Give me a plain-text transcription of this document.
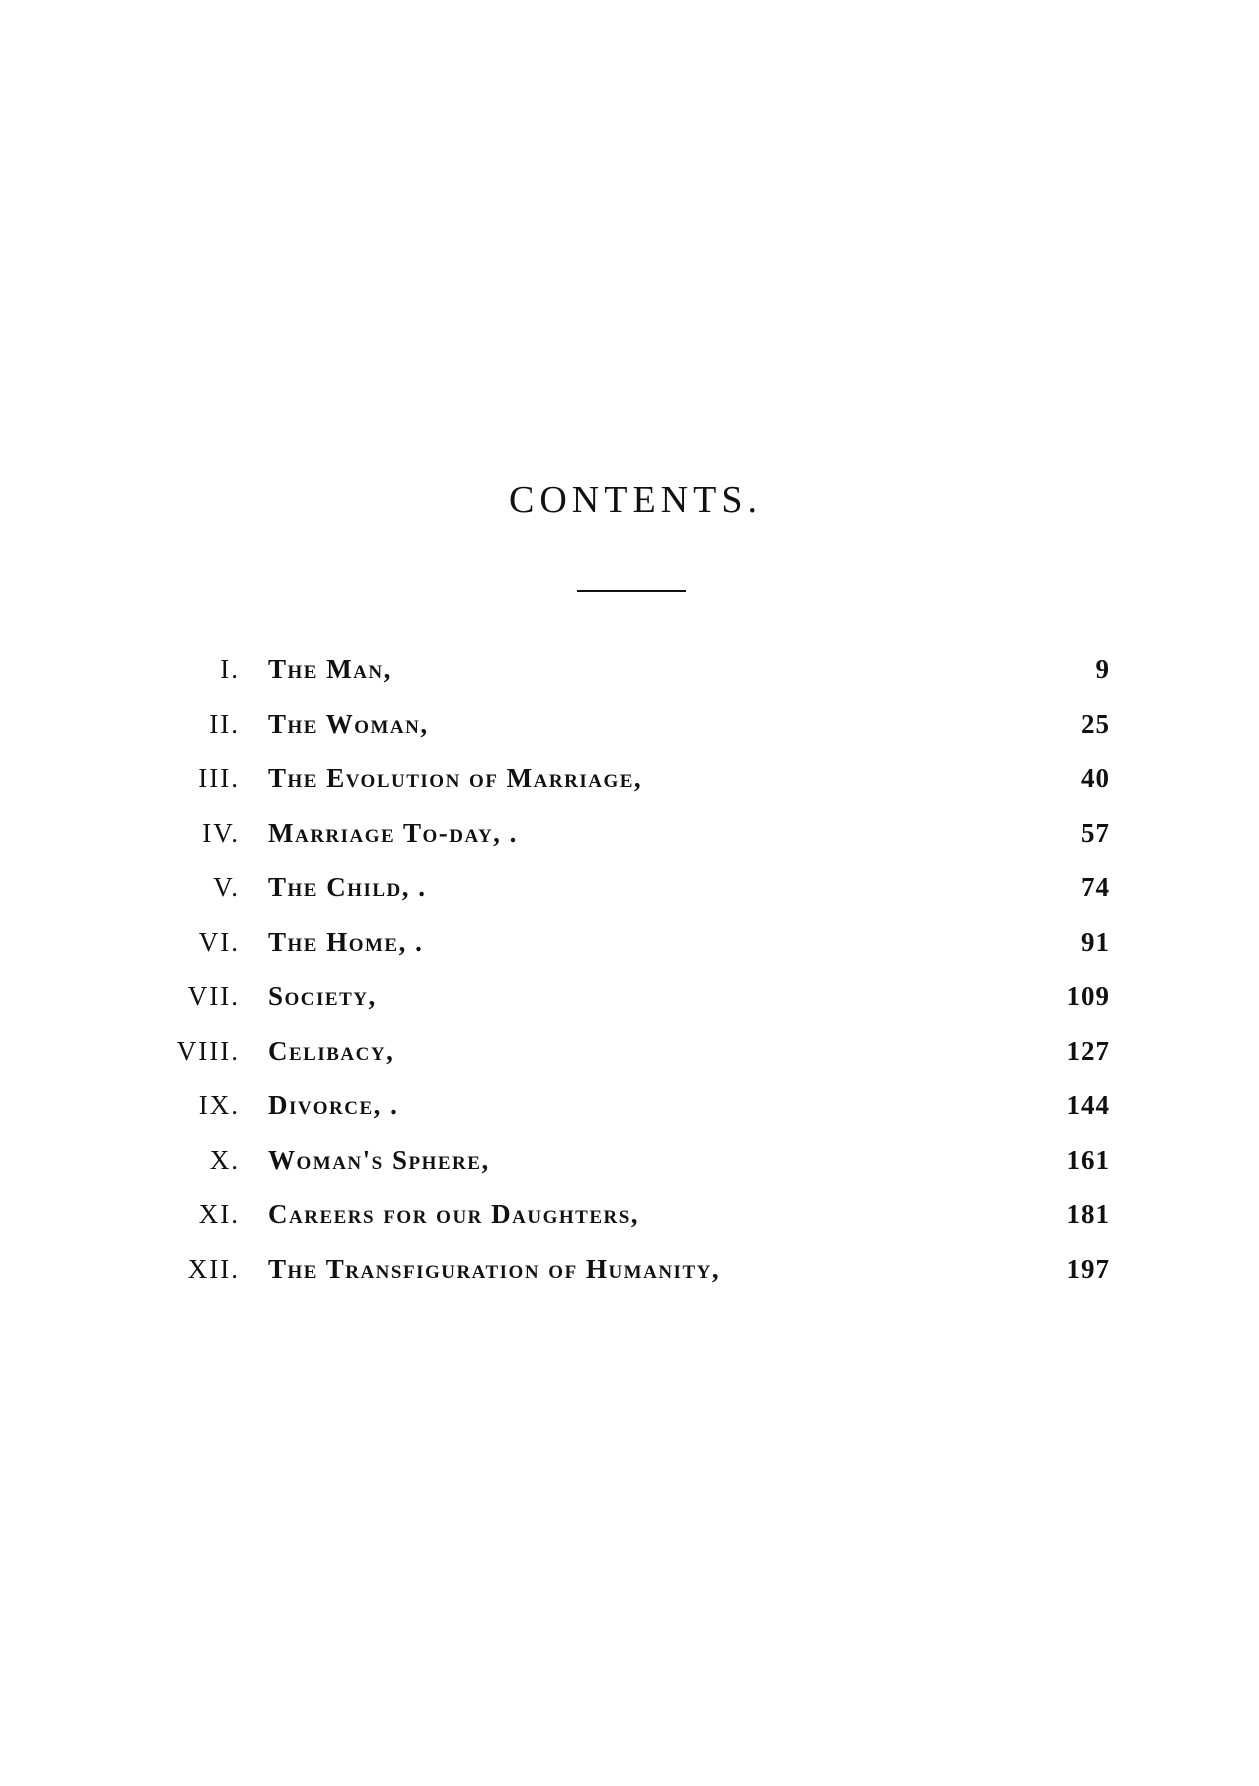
CONTENTS.
I. The Man,	9
II. The Woman,	25
III. The Evolution of Marriage,	40
IV. Marriage To-day, .	57
V. The Child, .	74
VI. The Home, .	91
VII. Society,	109
VIII. Celibacy,	127
IX. Divorce, .	144
X. Woman's Sphere,	161
XI. Careers for our Daughters,	181
XII. The Transfiguration of Humanity,	197
